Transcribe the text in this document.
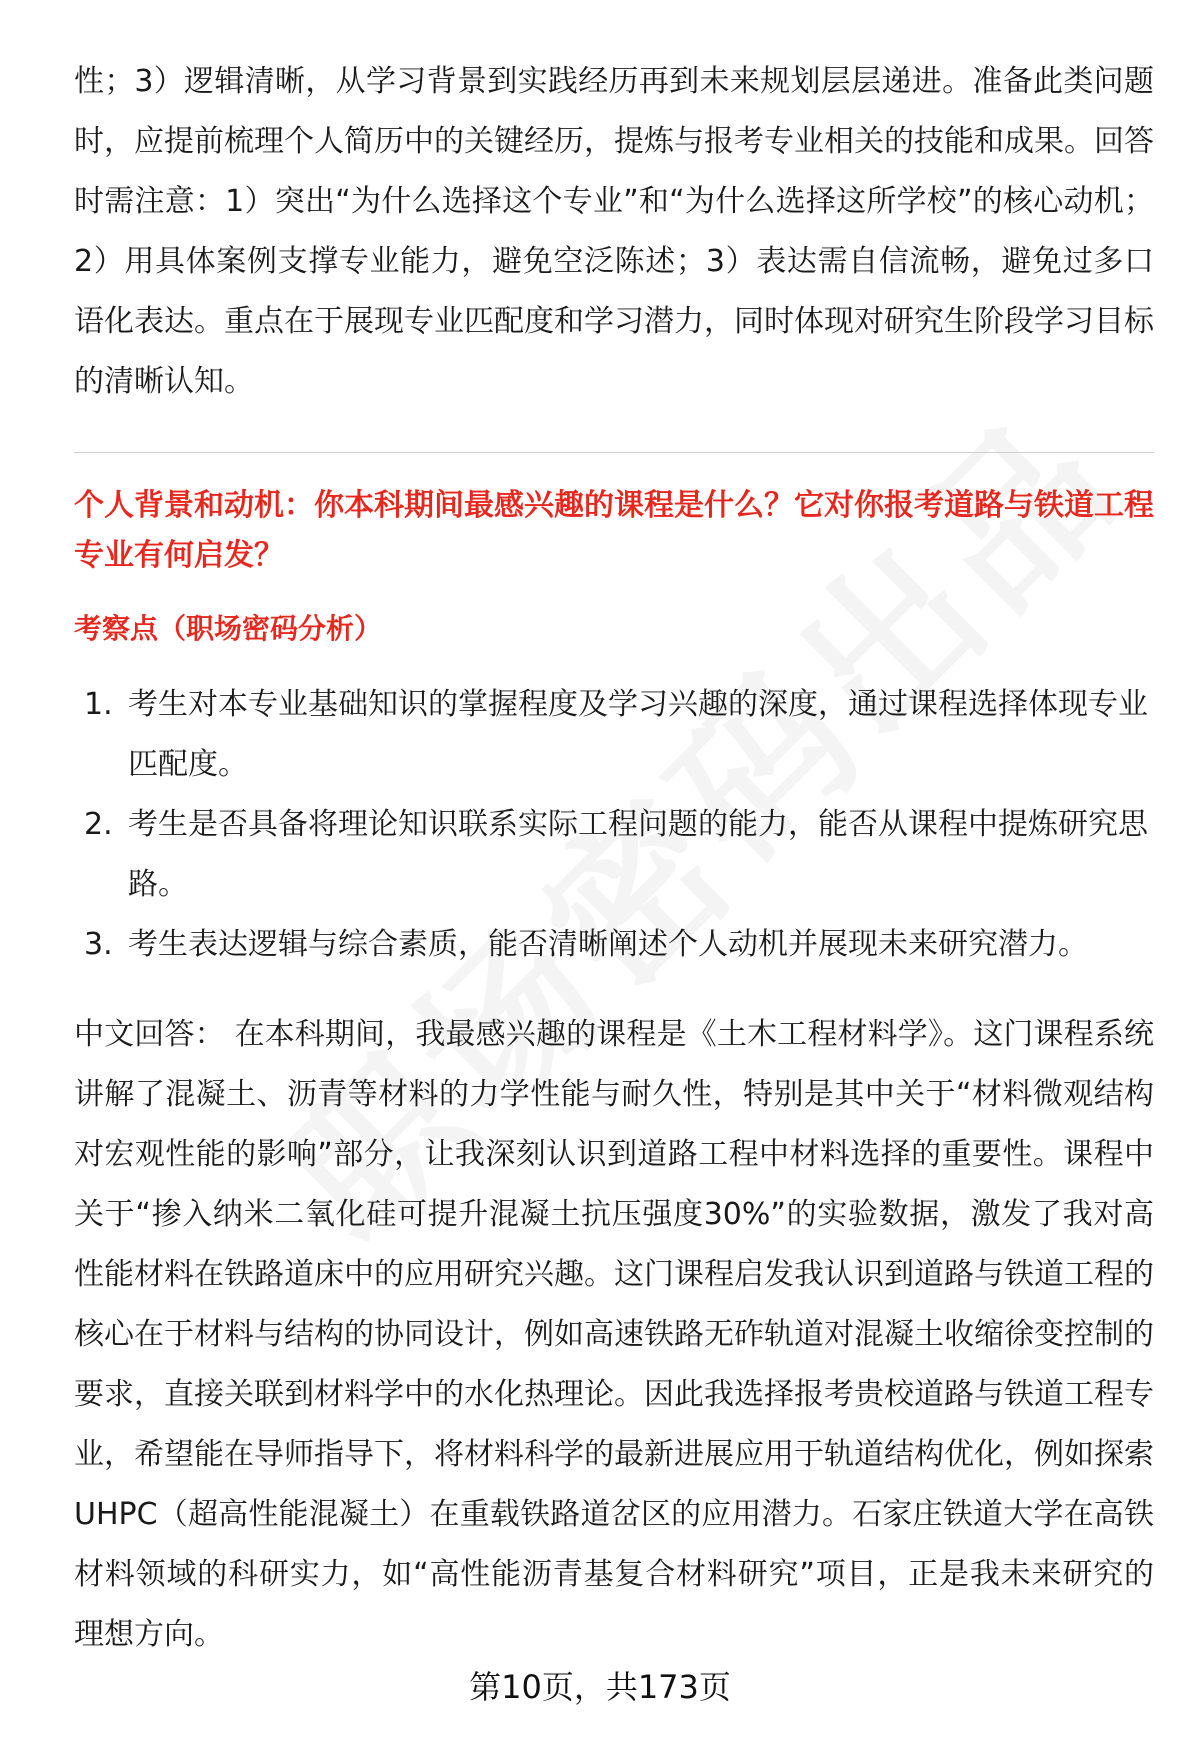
性；3）逻辑清晰，从学习背景到实践经历再到未来规划层层递进。准备此类问题时，应提前梳理个人简历中的关键经历，提炼与报考专业相关的技能和成果。回答时需注意：1）突出“为什么选择这个专业”和“为什么选择这所学校”的核心动机；2）用具体案例支撑专业能力，避免空泛陈述；3）表达需自信流畅，避免过多口语化表达。重点在于展现专业匹配度和学习潜力，同时体现对研究生阶段学习目标的清晰认知。

个人背景和动机：你本科期间最感兴趣的课程是什么？它对你报考道路与铁道工程专业有何启发？

考察点（职场密码分析）

1. 考生对本专业基础知识的掌握程度及学习兴趣的深度，通过课程选择体现专业匹配度。
2. 考生是否具备将理论知识联系实际工程问题的能力，能否从课程中提炼研究思路。
3. 考生表达逻辑与综合素质，能否清晰阐述个人动机并展现未来研究潜力。

中文回答： 在本科期间，我最感兴趣的课程是《土木工程材料学》。这门课程系统讲解了混凝土、沥青等材料的力学性能与耐久性，特别是其中关于“材料微观结构对宏观性能的影响”部分，让我深刻认识到道路工程中材料选择的重要性。课程中关于“掺入纳米二氧化硅可提升混凝土抗压强度30%”的实验数据，激发了我对高性能材料在铁路道床中的应用研究兴趣。这门课程启发我认识到道路与铁道工程的核心在于材料与结构的协同设计，例如高速铁路无砟轨道对混凝土收缩徐变控制的要求，直接关联到材料学中的水化热理论。因此我选择报考贵校道路与铁道工程专业，希望能在导师指导下，将材料科学的最新进展应用于轨道结构优化，例如探索UHPC（超高性能混凝土）在重载铁路道岔区的应用潜力。石家庄铁道大学在高铁材料领域的科研实力，如“高性能沥青基复合材料研究”项目，正是我未来研究的理想方向。

第10页，共173页
